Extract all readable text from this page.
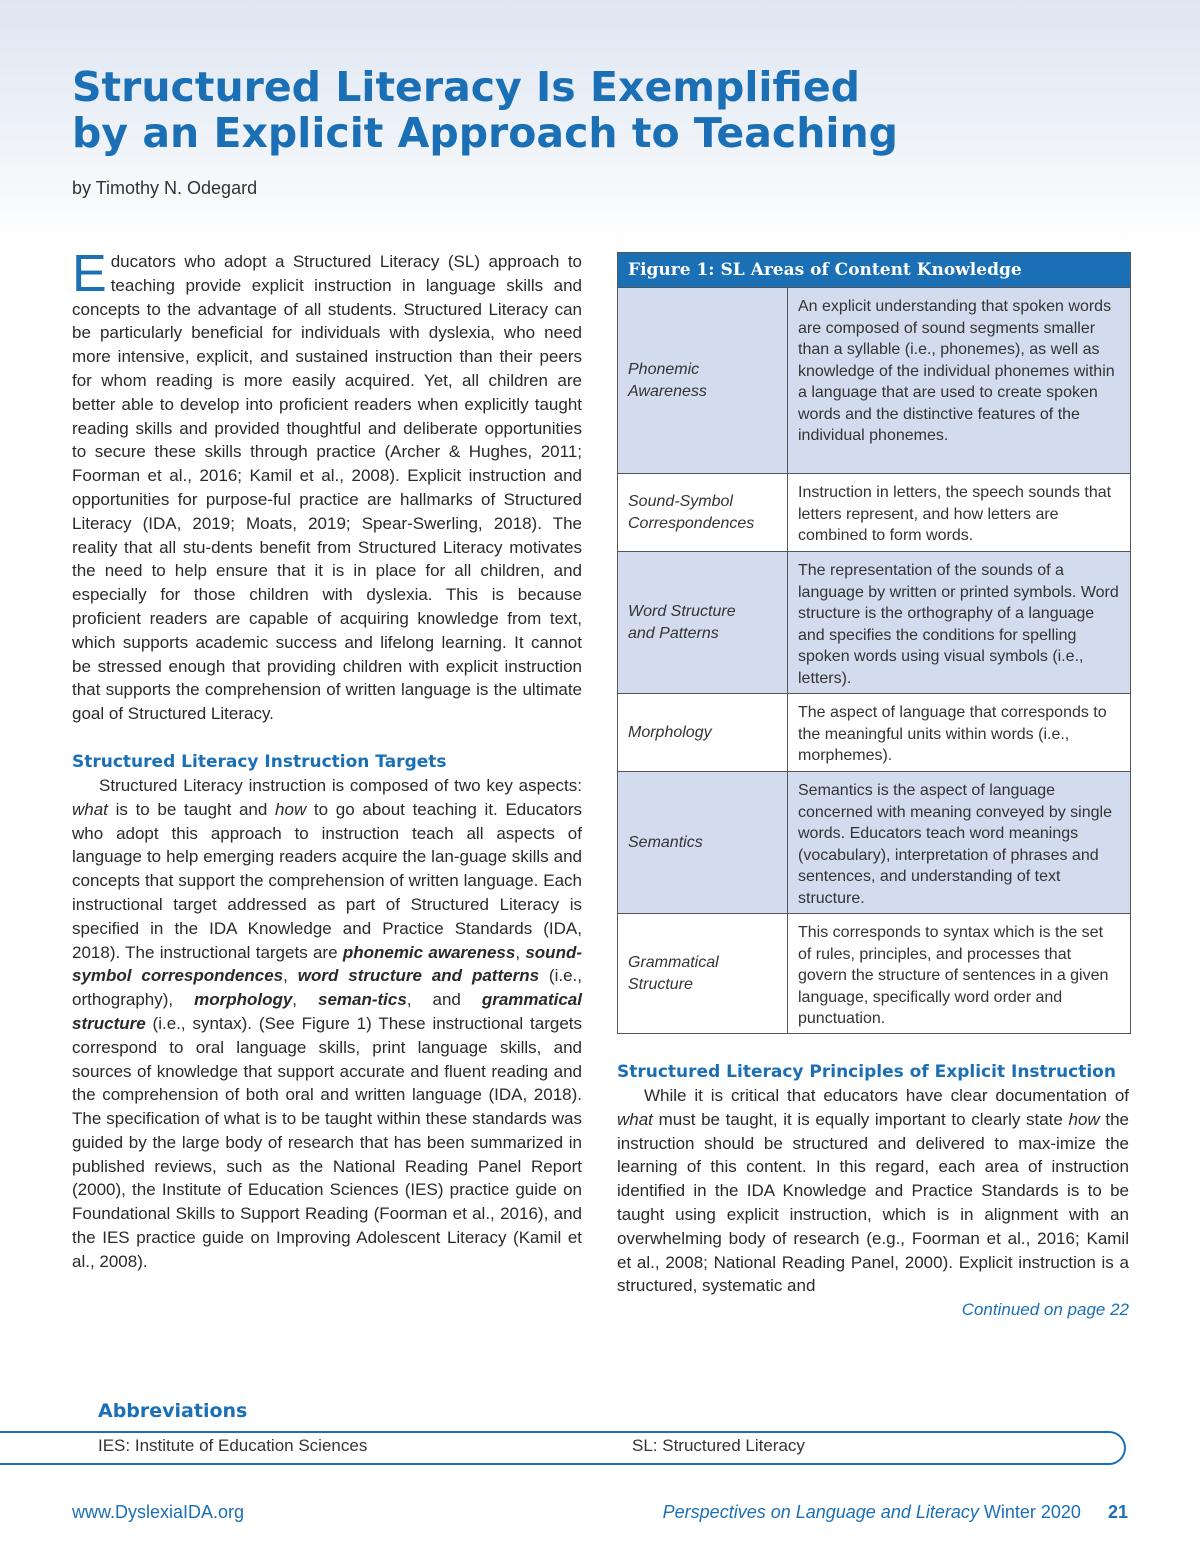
Structured Literacy Is Exemplified
by an Explicit Approach to Teaching
by Timothy N. Odegard

Educators who adopt a Structured Literacy (SL) approach to teaching provide explicit instruction in language skills and concepts to the advantage of all students. Structured Literacy can be particularly beneficial for individuals with dyslexia, who need more intensive, explicit, and sustained instruction than their peers for whom reading is more easily acquired. Yet, all children are better able to develop into proficient readers when explicitly taught reading skills and provided thoughtful and deliberate opportunities to secure these skills through practice (Archer & Hughes, 2011; Foorman et al., 2016; Kamil et al., 2008). Explicit instruction and opportunities for purpose-ful practice are hallmarks of Structured Literacy (IDA, 2019; Moats, 2019; Spear-Swerling, 2018). The reality that all stu-dents benefit from Structured Literacy motivates the need to help ensure that it is in place for all children, and especially for those children with dyslexia. This is because proficient readers are capable of acquiring knowledge from text, which supports academic success and lifelong learning. It cannot be stressed enough that providing children with explicit instruction that supports the comprehension of written language is the ultimate goal of Structured Literacy.

Structured Literacy Instruction Targets

Structured Literacy instruction is composed of two key aspects: what is to be taught and how to go about teaching it. Educators who adopt this approach to instruction teach all aspects of language to help emerging readers acquire the lan-guage skills and concepts that support the comprehension of written language. Each instructional target addressed as part of Structured Literacy is specified in the IDA Knowledge and Practice Standards (IDA, 2018). The instructional targets are phonemic awareness, sound-symbol correspondences, word structure and patterns (i.e., orthography), morphology, seman-tics, and grammatical structure (i.e., syntax). (See Figure 1) These instructional targets correspond to oral language skills, print language skills, and sources of knowledge that support accurate and fluent reading and the comprehension of both oral and written language (IDA, 2018). The specification of what is to be taught within these standards was guided by the large body of research that has been summarized in published reviews, such as the National Reading Panel Report (2000), the Institute of Education Sciences (IES) practice guide on Foundational Skills to Support Reading (Foorman et al., 2016), and the IES practice guide on Improving Adolescent Literacy (Kamil et al., 2008).

Figure 1: SL Areas of Content Knowledge
Phonemic
Awareness
An explicit understanding that spoken words are composed of sound segments smaller than a syllable (i.e., phonemes), as well as knowledge of the individual phonemes within a language that are used to create spoken words and the distinctive features of the individual phonemes.
Sound-Symbol
Correspondences
Instruction in letters, the speech sounds that letters represent, and how letters are combined to form words.
Word Structure
and Patterns
The representation of the sounds of a language by written or printed symbols. Word structure is the orthography of a language and specifies the conditions for spelling spoken words using visual symbols (i.e., letters).
Morphology
The aspect of language that corresponds to the meaningful units within words (i.e., morphemes).
Semantics
Semantics is the aspect of language concerned with meaning conveyed by single words. Educators teach word meanings (vocabulary), interpretation of phrases and sentences, and understanding of text structure.
Grammatical
Structure
This corresponds to syntax which is the set of rules, principles, and processes that govern the structure of sentences in a given language, specifically word order and punctuation.
Structured Literacy Principles of Explicit Instruction

While it is critical that educators have clear documentation of what must be taught, it is equally important to clearly state how the instruction should be structured and delivered to max-imize the learning of this content. In this regard, each area of instruction identified in the IDA Knowledge and Practice Standards is to be taught using explicit instruction, which is in alignment with an overwhelming body of research (e.g., Foorman et al., 2016; Kamil et al., 2008; National Reading Panel, 2000). Explicit instruction is a structured, systematic and

Continued on page 22

Abbreviations
IES: Institute of Education Sciences	SL: Structured Literacy
www.DyslexiaIDA.org	Perspectives on Language and Literacy Winter 2020 21
